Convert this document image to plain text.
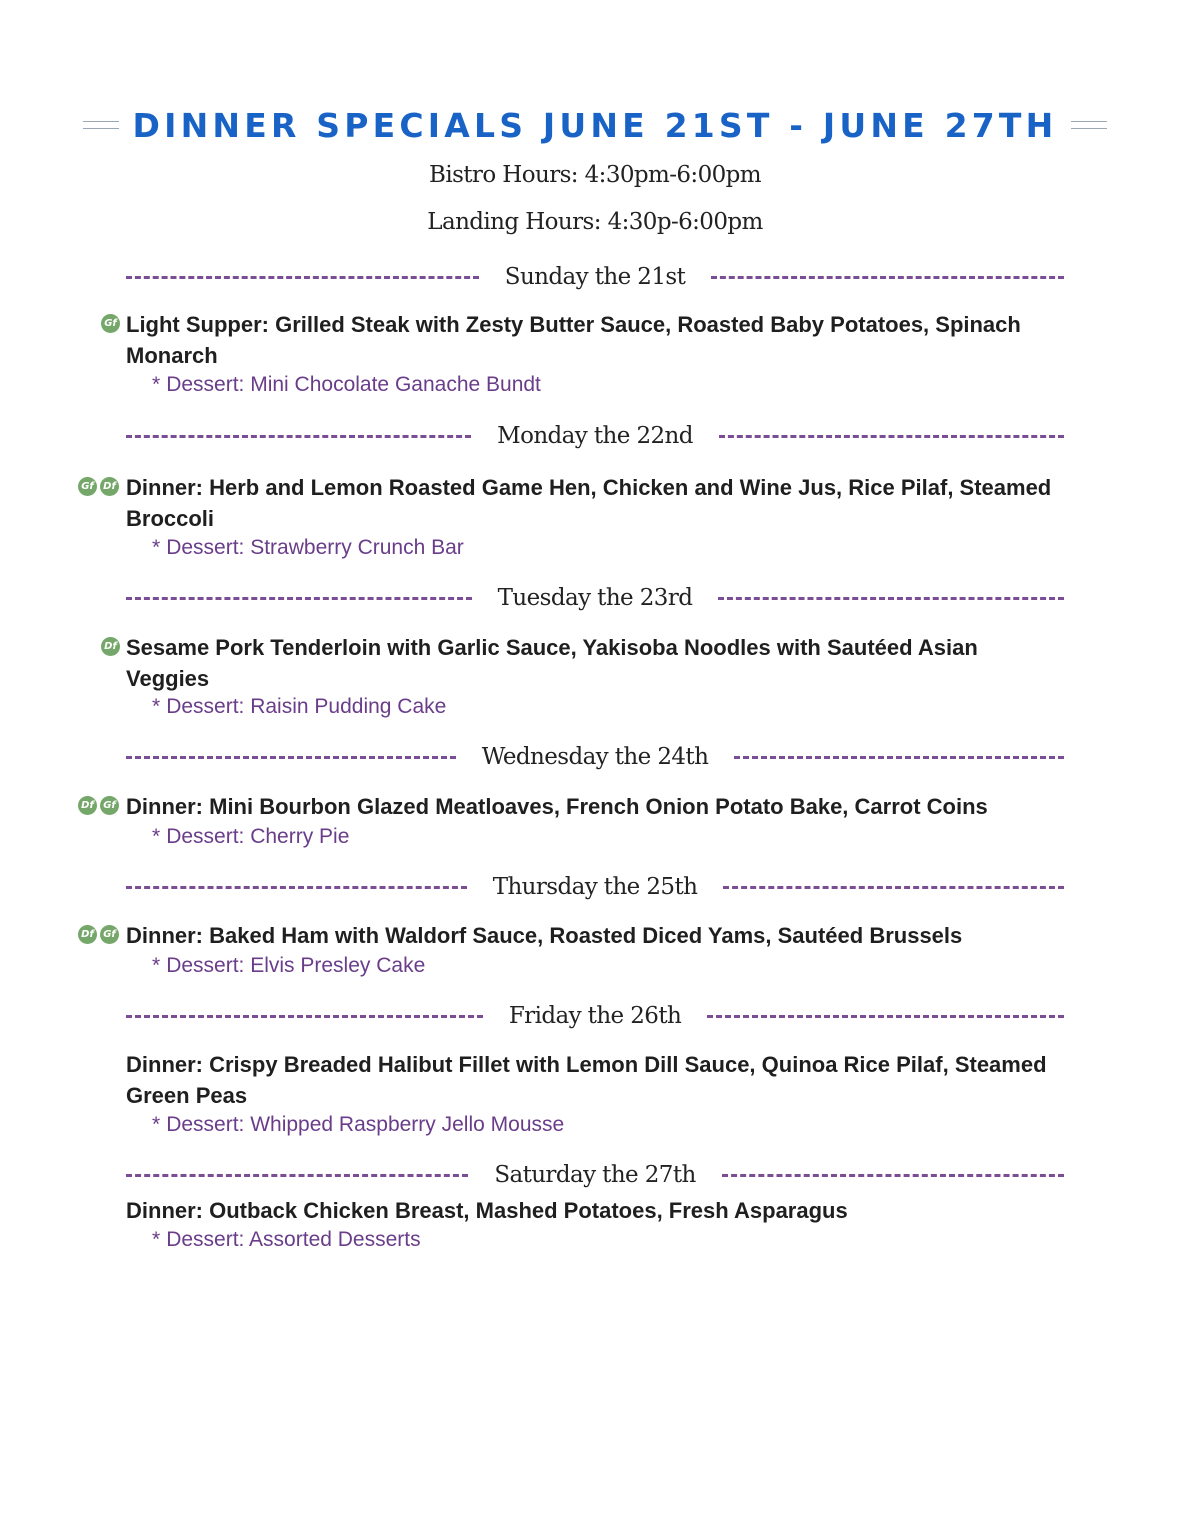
DINNER SPECIALS JUNE 21ST - JUNE 27TH
Bistro Hours: 4:30pm-6:00pm
Landing Hours: 4:30p-6:00pm
Sunday the 21st
Gf Light Supper: Grilled Steak with Zesty Butter Sauce, Roasted Baby Potatoes, Spinach Monarch
* Dessert: Mini Chocolate Ganache Bundt
Monday the 22nd
Gf Df Dinner: Herb and Lemon Roasted Game Hen, Chicken and Wine Jus, Rice Pilaf, Steamed Broccoli
* Dessert: Strawberry Crunch Bar
Tuesday the 23rd
Df Sesame Pork Tenderloin with Garlic Sauce, Yakisoba Noodles with Sautéed Asian Veggies
* Dessert: Raisin Pudding Cake
Wednesday the 24th
Df Gf Dinner: Mini Bourbon Glazed Meatloaves, French Onion Potato Bake, Carrot Coins
* Dessert: Cherry Pie
Thursday the 25th
Df Gf Dinner: Baked Ham with Waldorf Sauce, Roasted Diced Yams, Sautéed Brussels
* Dessert: Elvis Presley Cake
Friday the 26th
Dinner: Crispy Breaded Halibut Fillet with Lemon Dill Sauce, Quinoa Rice Pilaf, Steamed Green Peas
* Dessert: Whipped Raspberry Jello Mousse
Saturday the 27th
Dinner: Outback Chicken Breast, Mashed Potatoes, Fresh Asparagus
* Dessert: Assorted Desserts
